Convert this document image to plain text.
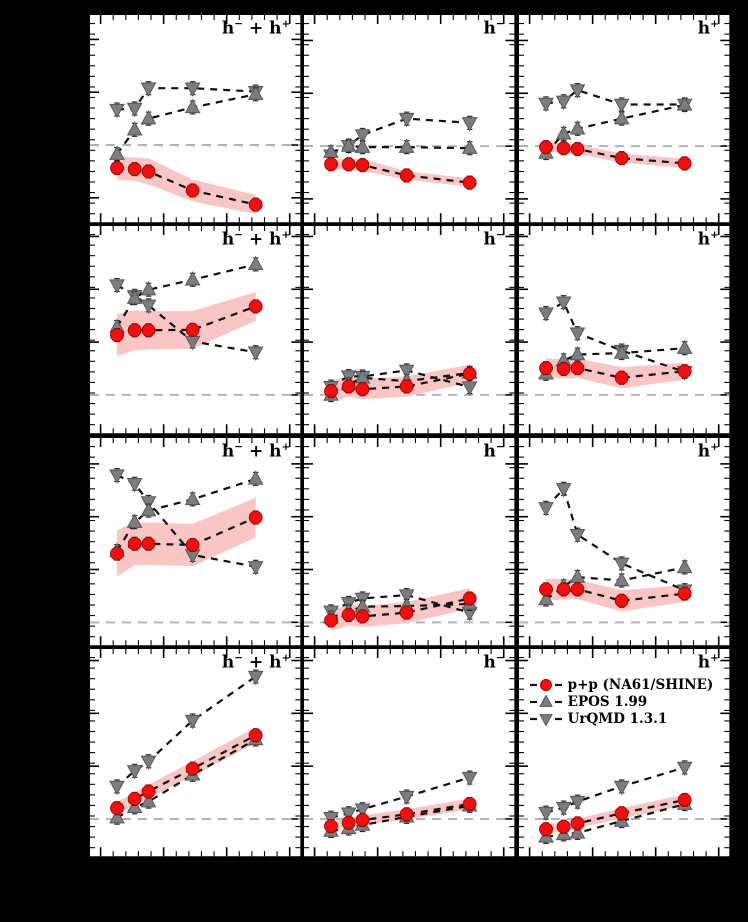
h− + h+	h−	h+
h− + h+	h−	h+
h− + h+	h−	h+
h− + h+	h−	h+
p+p (NA61/SHINE)
EPOS 1.99
UrQMD 1.3.1
